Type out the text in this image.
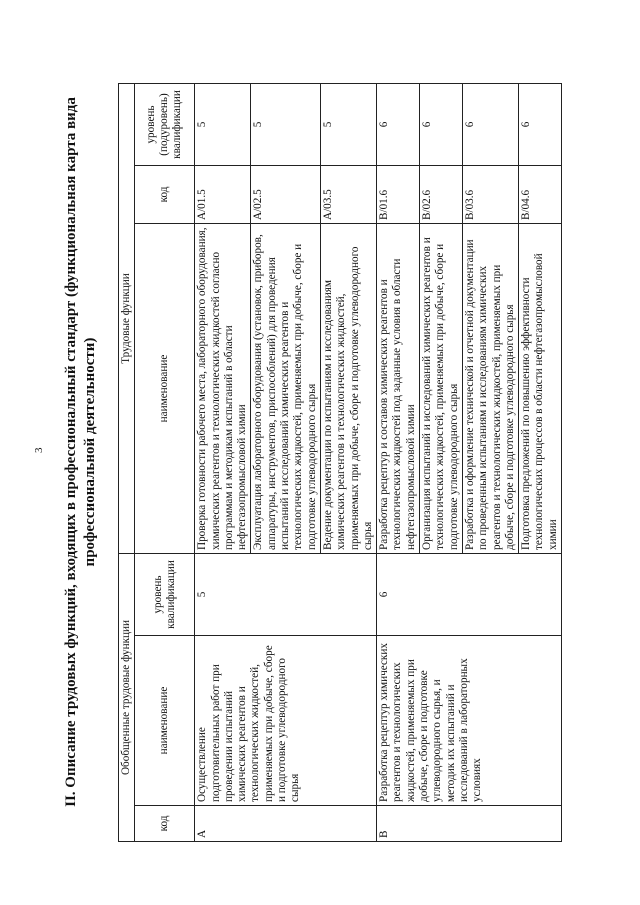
3 II. Описание трудовых функций, входящих в профессиональный стандарт (функциональная карта вида профессиональной деятельности)
Обобщенные трудовые функции			Трудовые функции		
код	наименование	уровень квалификации	наименование	код	уровень (подуровень) квалификации
A	Осуществление подготовительных работ при проведении испытаний химических реагентов и технологических жидкостей, применяемых при добыче, сборе и подготовке углеводородного сырья	5	Проверка готовности рабочего места, лабораторного оборудования, химических реагентов и технологических жидкостей согласно программам и методикам испытаний в области нефтегазопромысловой химии	A/01.5	5
			Эксплуатация лабораторного оборудования (установок, приборов, аппаратуры, инструментов, приспособлений) для проведения испытаний и исследований химических реагентов и технологических жидкостей, применяемых при добыче, сборе и подготовке углеводородного сырья	A/02.5	5
			Ведение документации по испытаниям и исследованиям химических реагентов и технологических жидкостей, применяемых при добыче, сборе и подготовке углеводородного сырья	A/03.5	5
B	Разработка рецептур химических реагентов и технологических жидкостей, применяемых при добыче, сборе и подготовке углеводородного сырья, и методик их испытаний и исследований в лабораторных условиях	6	Разработка рецептур и составов химических реагентов и технологических жидкостей под заданные условия в области нефтегазопромысловой химии	B/01.6	6
			Организация испытаний и исследований химических реагентов и технологических жидкостей, применяемых при добыче, сборе и подготовке углеводородного сырья	B/02.6	6
			Разработка и оформление технической и отчетной документации по проведенным испытаниям и исследованиям химических реагентов и технологических жидкостей, применяемых при добыче, сборе и подготовке углеводородного сырья	B/03.6	6
			Подготовка предложений по повышению эффективности технологических процессов в области нефтегазопромысловой химии	B/04.6	6
